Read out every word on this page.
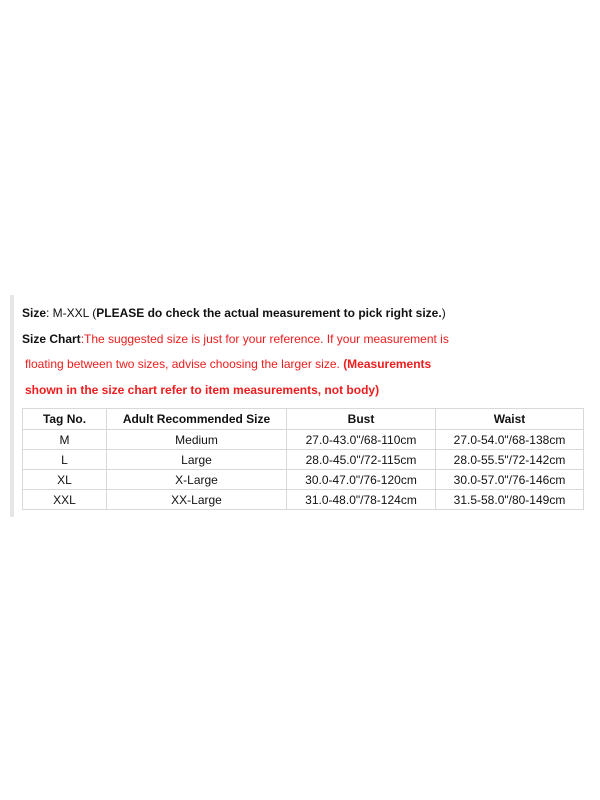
Size: M-XXL (PLEASE do check the actual measurement to pick right size.)
Size Chart:The suggested size is just for your reference. If your measurement is
floating between two sizes, advise choosing the larger size. (Measurements
shown in the size chart refer to item measurements, not body)
Tag No.	Adult Recommended Size	Bust	Waist
M	Medium	27.0-43.0"/68-110cm	27.0-54.0"/68-138cm
L	Large	28.0-45.0"/72-115cm	28.0-55.5"/72-142cm
XL	X-Large	30.0-47.0"/76-120cm	30.0-57.0"/76-146cm
XXL	XX-Large	31.0-48.0"/78-124cm	31.5-58.0"/80-149cm
